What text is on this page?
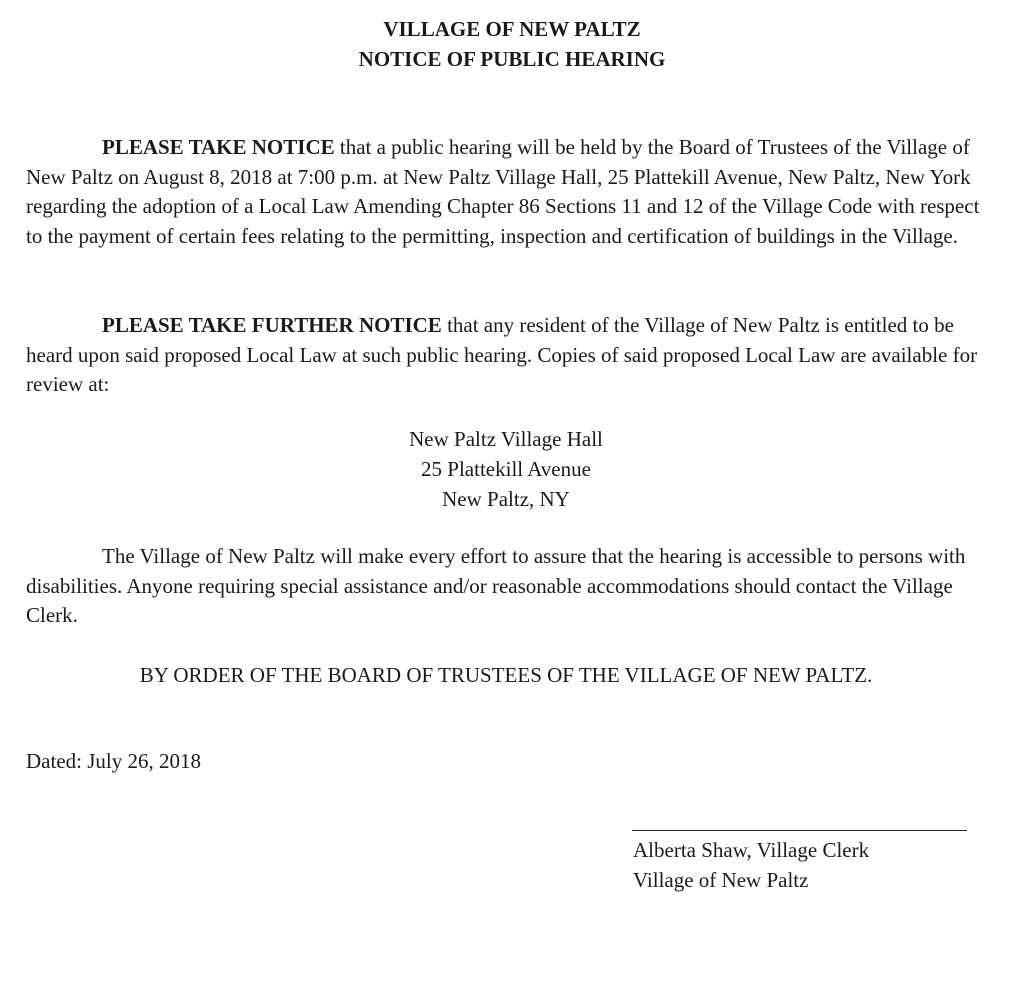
VILLAGE OF NEW PALTZ
NOTICE OF PUBLIC HEARING

PLEASE TAKE NOTICE that a public hearing will be held by the Board of Trustees of the Village of New Paltz on August 8, 2018 at 7:00 p.m. at New Paltz Village Hall, 25 Plattekill Avenue, New Paltz, New York regarding the adoption of a Local Law Amending Chapter 86 Sections 11 and 12 of the Village Code with respect to the payment of certain fees relating to the permitting, inspection and certification of buildings in the Village.

PLEASE TAKE FURTHER NOTICE that any resident of the Village of New Paltz is entitled to be heard upon said proposed Local Law at such public hearing. Copies of said proposed Local Law are available for review at:

New Paltz Village Hall

25 Plattekill Avenue

New Paltz, NY

The Village of New Paltz will make every effort to assure that the hearing is accessible to persons with disabilities. Anyone requiring special assistance and/or reasonable accommodations should contact the Village Clerk.

BY ORDER OF THE BOARD OF TRUSTEES OF THE VILLAGE OF NEW PALTZ.

Dated: July 26, 2018

Alberta Shaw, Village Clerk

Village of New Paltz
